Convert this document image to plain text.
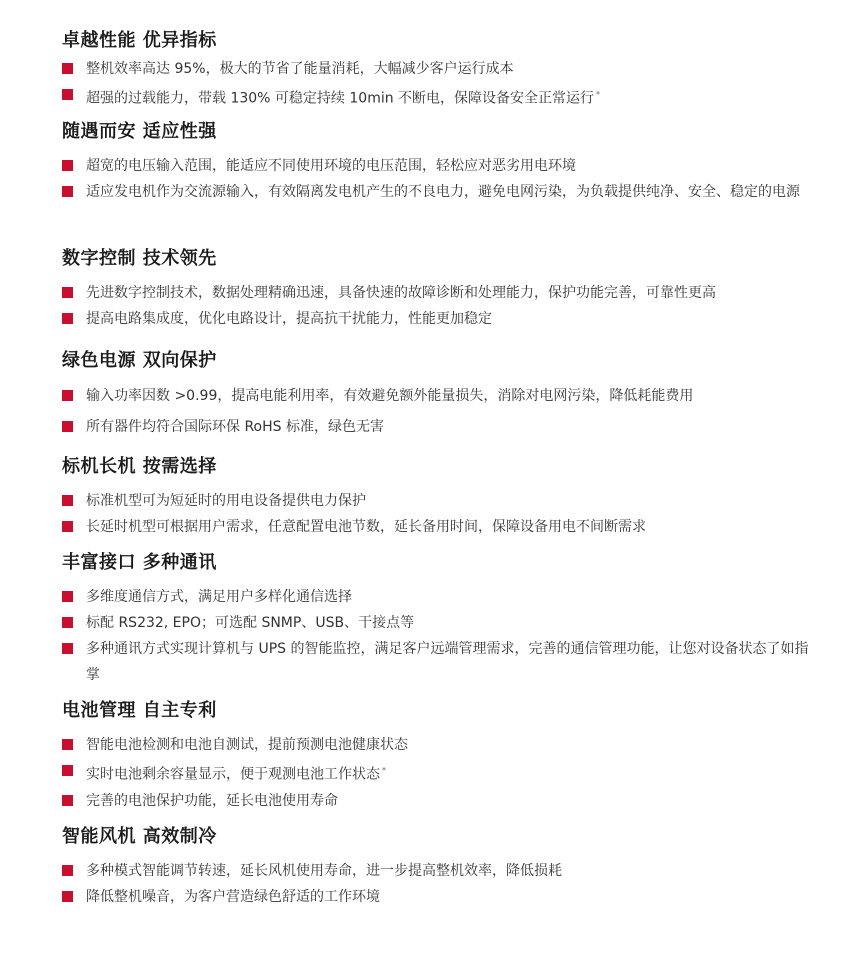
卓越性能 优异指标
整机效率高达 95%，极大的节省了能量消耗，大幅减少客户运行成本
超强的过载能力，带载 130% 可稳定持续 10min 不断电，保障设备安全正常运行 *
随遇而安 适应性强
超宽的电压输入范围，能适应不同使用环境的电压范围，轻松应对恶劣用电环境
适应发电机作为交流源输入，有效隔离发电机产生的不良电力，避免电网污染，为负载提供纯净、安全、稳定的电源
数字控制 技术领先
先进数字控制技术，数据处理精确迅速，具备快速的故障诊断和处理能力，保护功能完善，可靠性更高
提高电路集成度，优化电路设计，提高抗干扰能力，性能更加稳定
绿色电源 双向保护
输入功率因数 >0.99，提高电能利用率，有效避免额外能量损失，消除对电网污染，降低耗能费用
所有器件均符合国际环保 RoHS 标准，绿色无害
标机长机 按需选择
标准机型可为短延时的用电设备提供电力保护
长延时机型可根据用户需求，任意配置电池节数，延长备用时间，保障设备用电不间断需求
丰富接口 多种通讯
多维度通信方式，满足用户多样化通信选择
标配 RS232, EPO；可选配 SNMP、USB、干接点等
多种通讯方式实现计算机与 UPS 的智能监控，满足客户远端管理需求，完善的通信管理功能，让您对设备状态了如指掌
电池管理 自主专利
智能电池检测和电池自测试，提前预测电池健康状态
实时电池剩余容量显示，便于观测电池工作状态 *
完善的电池保护功能，延长电池使用寿命
智能风机 高效制冷
多种模式智能调节转速，延长风机使用寿命，进一步提高整机效率，降低损耗
降低整机噪音，为客户营造绿色舒适的工作环境
